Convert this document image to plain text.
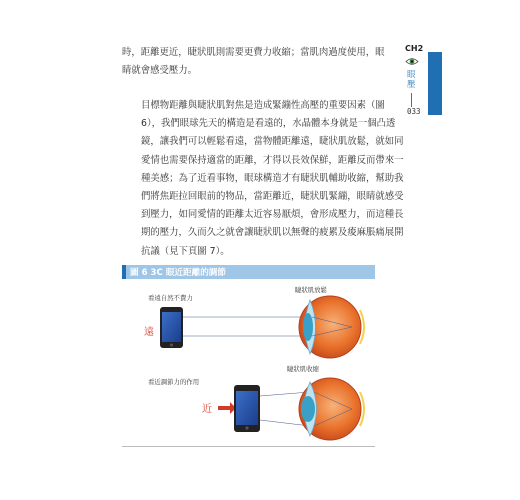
時，距離更近，睫狀肌則需要更費力收縮；當肌肉過度使用，眼
睛就會感受壓力。
目標物距離與睫狀肌對焦是造成緊繃性高壓的重要因素（圖
6），我們眼球先天的構造是看遠的，水晶體本身就是一個凸透
鏡，讓我們可以輕鬆看遠，當物體距離遠，睫狀肌放鬆，就如同
愛情也需要保持適當的距離，才得以長效保鮮，距離反而帶來一
種美感；為了近看事物，眼球構造才有睫狀肌輔助收縮，幫助我
們將焦距拉回眼前的物品，當距離近，睫狀肌緊繃，眼睛就感受
到壓力，如同愛情的距離太近容易厭煩，會形成壓力，而這種長
期的壓力，久而久之就會讓睫狀肌以無聲的疲累及痠麻脹痛展開
抗議（見下頁圖 7）。
CH2
眼壓
033
圖 6 3C 眼近距離的調節
看遠自然不費力
遠
睫狀肌放鬆
看近調節力的作用
近
睫狀肌收縮
